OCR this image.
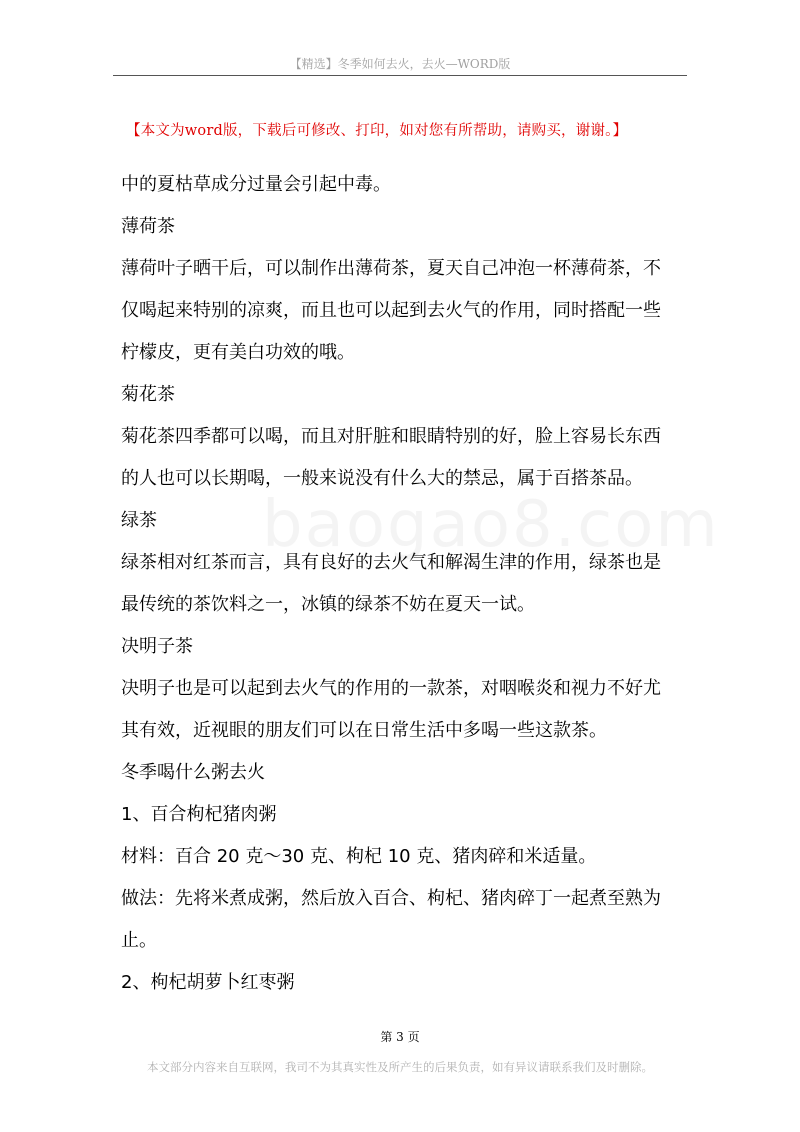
【精选】冬季如何去火，去火—WORD版
【本文为word版，下载后可修改、打印，如对您有所帮助，请购买，谢谢。】
中的夏枯草成分过量会引起中毒。
薄荷茶
薄荷叶子晒干后，可以制作出薄荷茶，夏天自己冲泡一杯薄荷茶，不
仅喝起来特别的凉爽，而且也可以起到去火气的作用，同时搭配一些
柠檬皮，更有美白功效的哦。
菊花茶
菊花茶四季都可以喝，而且对肝脏和眼睛特别的好，脸上容易长东西
的人也可以长期喝，一般来说没有什么大的禁忌，属于百搭茶品。
绿茶
绿茶相对红茶而言，具有良好的去火气和解渴生津的作用，绿茶也是
最传统的茶饮料之一，冰镇的绿茶不妨在夏天一试。
决明子茶
决明子也是可以起到去火气的作用的一款茶，对咽喉炎和视力不好尤
其有效，近视眼的朋友们可以在日常生活中多喝一些这款茶。
冬季喝什么粥去火
1、百合枸杞猪肉粥
材料：百合 20 克～30 克、枸杞 10 克、猪肉碎和米适量。
做法：先将米煮成粥，然后放入百合、枸杞、猪肉碎丁一起煮至熟为
止。
2、枸杞胡萝卜红枣粥
第 3 页
本文部分内容来自互联网，我司不为其真实性及所产生的后果负责，如有异议请联系我们及时删除。
